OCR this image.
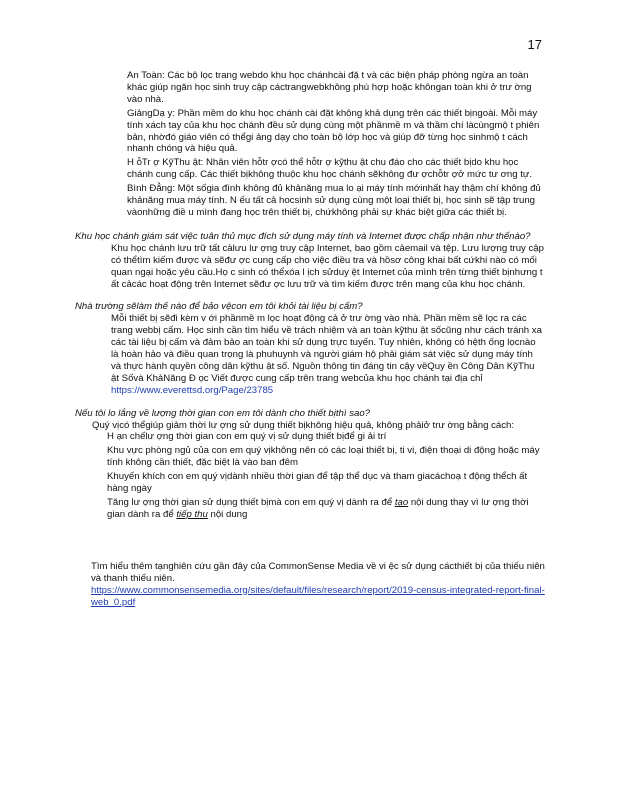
17
An Toàn: Các bộ lọc trang webdo khu học chánhcài đặ t và các biện pháp phòng ngừa an toàn khác giúp ngăn học sinh truy cập cáctrangwebkhông phù hợp hoặc khôngan toàn khi ở trư ờng vào nhà.
GiảngDạ y: Phần mềm do khu học chánh cài đặt không khả dụng trên các thiết bịngoài. Mỗi máy tính xách tay của khu học chánh đều sử dụng cùng một phầnmề m và thầm chí làcùngmộ t phiên bản, nhờđó giáo viên có thểgi ảng dạy cho toàn bộ lớp học và giúp đỡ từng học sinhmộ t cách nhanh chóng và hiệu quả.
H ỗTr ợ KỹThu ật: Nhân viên hỗtr ợcó thể hỗtr ợ kỹthu ật chu đáo cho các thiết bịdo khu học chánh cung cấp. Các thiết bịkhông thuộc khu học chánh sẽkhông đư ợchỗtr ợở mức tư ơng tự.
Bình Đẳng: Một sốgia đình không đủ khảnăng mua lo ại máy tính mớinhất hay thậm chí không đủ khảnăng mua máy tính. N ếu tất cả hocsinh sử dụng cùng một loại thiết bị, học sinh sẽ tập trung vàonhững điề u mình đang học trên thiết bị, chứkhông phải sự khác biệt giữa các thiết bị.
Khu học chánh giám sát việc tuân thủ mục đích sử dụng máy tính và Internet được chấp nhận như thếnào?
Khu học chánh lưu trữ tất cảlưu lư ợng truy cập Internet, bao gồm cảemail và tệp. Lưu lượng truy cập có thểtìm kiếm được và sẽđư ợc cung cấp cho việc điều tra và hồsơ công khai bất cứkhi nào có mối quan ngại hoặc yêu cầu.Họ c sinh có thểxóa l ịch sửduy ệt Internet của mình trên từng thiết bịnhưng t ất cảcác hoạt động trên Internet sẽđư ợc lưu trữ và tìm kiếm được trên mạng của khu học chánh.
Nhà trường sẽlàm thế nào để bảo vệcon em tôi khỏi tài liệu bị cấm?
Mỗi thiết bị sẽđi kèm v ới phầnmề m lọc hoạt động cả ở trư ờng vào nhà. Phần mềm sẽ lọc ra các trang webbị cấm. Học sinh cần tìm hiểu về trách nhiệm và an toàn kỹthu ật sốcũng như cách tránh xa các tài liệu bị cấm và đảm bảo an toàn khi sử dụng trực tuyến. Tuy nhiên, không có hệth ống lọcnào là hoàn hảo và điều quan trọng là phuhuynh và người giám hộ phải giám sát việc sử dụng máy tính và thực hành quyền công dân kỹthu ật số. Nguồn thông tin đáng tin cậy vềQuy ền Công Dân KỹThu ật Sốvà KhảNăng Đ ọc Viết được cung cấp trên trang webcủa khu học chánh tại địa chỉ https://www.everettsd.org/Page/23785
Nếu tôi lo lắng về lượng thời gian con em tôi dành cho thiết bịthì sao?
Quý vịcó thểgiúp giảm thời lư ợng sử dụng thiết bịkhông hiệu quả, không phảiở trư ờng bằng cách:
H ạn chếlư ợng thời gian con em quý vị sử dụng thiết bịđể gi ải trí
Khu vực phòng ngủ của con em quý vịkhông nên có các loại thiết bị, ti vi, điện thoại di động hoặc máy tính không cần thiết, đặc biệt là vào ban đêm
Khuyến khích con em quý vịdành nhiều thời gian để tập thể dục và tham giacáchoạ t động thểch ất hàng ngày
Tăng lư ợng thời gian sử dụng thiết bịmà con em quý vị dành ra để tạo nội dung thay vì lư ợng thời gian dành ra để tiếp thu nội dung
Tìm hiểu thêm tạnghiên cứu gần đây của CommonSense Media về vi ệc sử dụng cácthiết bị của thiếu niên và thanh thiếu niên.
https://www.commonsensemedia.org/sites/default/files/research/report/2019-census-integrated-report-final-web_0.pdf
